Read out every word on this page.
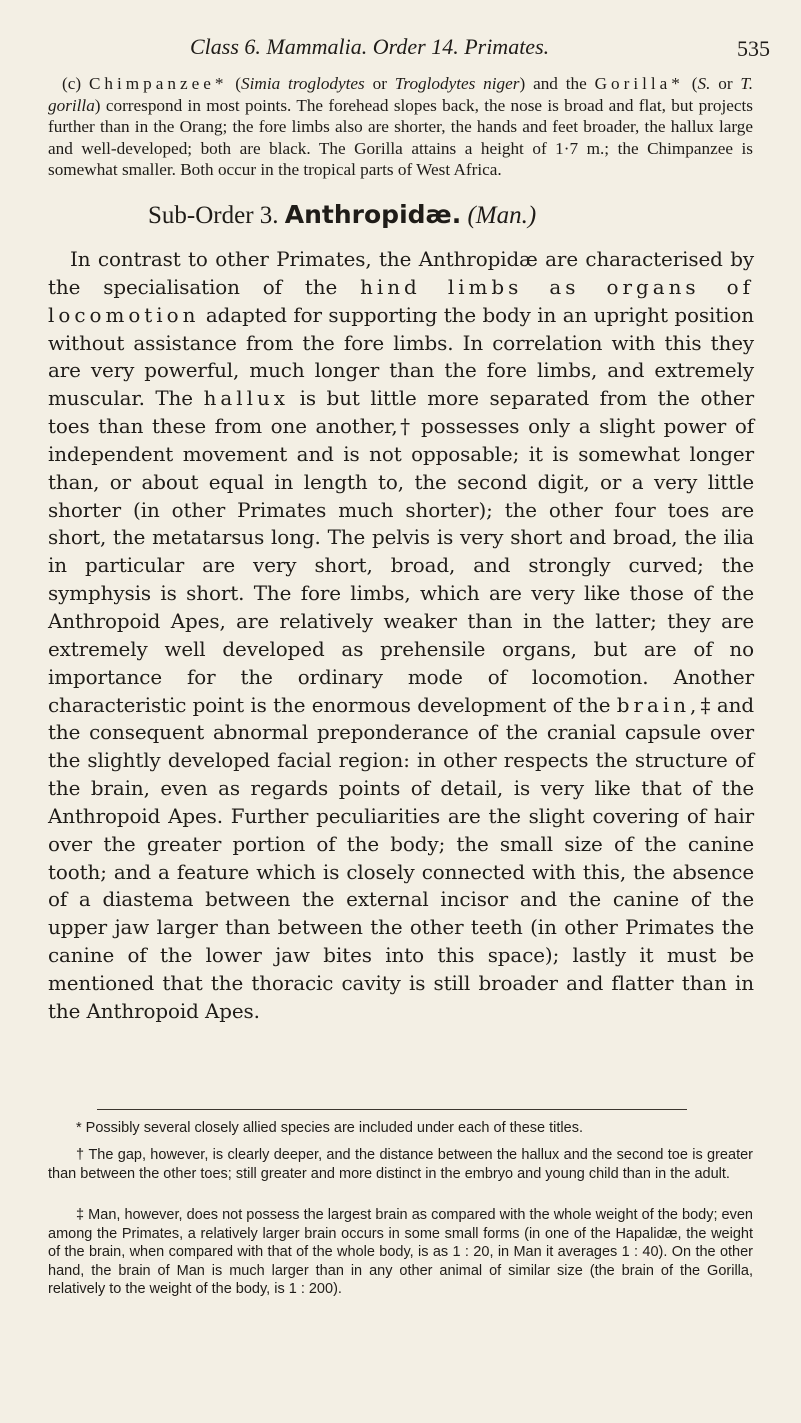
Class 6. Mammalia. Order 14. Primates.	535
(c) Chimpanzee* (Simia troglodytes or Troglodytes niger) and the Gorilla* (S. or T. gorilla) correspond in most points. The forehead slopes back, the nose is broad and flat, but projects further than in the Orang; the fore limbs also are shorter, the hands and feet broader, the hallux large and well-developed; both are black. The Gorilla attains a height of 1·7 m.; the Chimpanzee is somewhat smaller. Both occur in the tropical parts of West Africa.
Sub-Order 3. Anthropidæ. (Man.)
In contrast to other Primates, the Anthropidæ are characterised by the specialisation of the hind limbs as organs of locomotion adapted for supporting the body in an upright position without assistance from the fore limbs. In correlation with this they are very powerful, much longer than the fore limbs, and extremely muscular. The hallux is but little more separated from the other toes than these from one another,† possesses only a slight power of independent movement and is not opposable; it is somewhat longer than, or about equal in length to, the second digit, or a very little shorter (in other Primates much shorter); the other four toes are short, the metatarsus long. The pelvis is very short and broad, the ilia in particular are very short, broad, and strongly curved; the symphysis is short. The fore limbs, which are very like those of the Anthropoid Apes, are relatively weaker than in the latter; they are extremely well developed as prehensile organs, but are of no importance for the ordinary mode of locomotion. Another characteristic point is the enormous development of the brain,‡ and the consequent abnormal preponderance of the cranial capsule over the slightly developed facial region: in other respects the structure of the brain, even as regards points of detail, is very like that of the Anthropoid Apes. Further peculiarities are the slight covering of hair over the greater portion of the body; the small size of the canine tooth; and a feature which is closely connected with this, the absence of a diastema between the external incisor and the canine of the upper jaw larger than between the other teeth (in other Primates the canine of the lower jaw bites into this space); lastly it must be mentioned that the thoracic cavity is still broader and flatter than in the Anthropoid Apes.
* Possibly several closely allied species are included under each of these titles.
† The gap, however, is clearly deeper, and the distance between the hallux and the second toe is greater than between the other toes; still greater and more distinct in the embryo and young child than in the adult.
‡ Man, however, does not possess the largest brain as compared with the whole weight of the body; even among the Primates, a relatively larger brain occurs in some small forms (in one of the Hapalidæ, the weight of the brain, when compared with that of the whole body, is as 1 : 20, in Man it averages 1 : 40). On the other hand, the brain of Man is much larger than in any other animal of similar size (the brain of the Gorilla, relatively to the weight of the body, is 1 : 200).
